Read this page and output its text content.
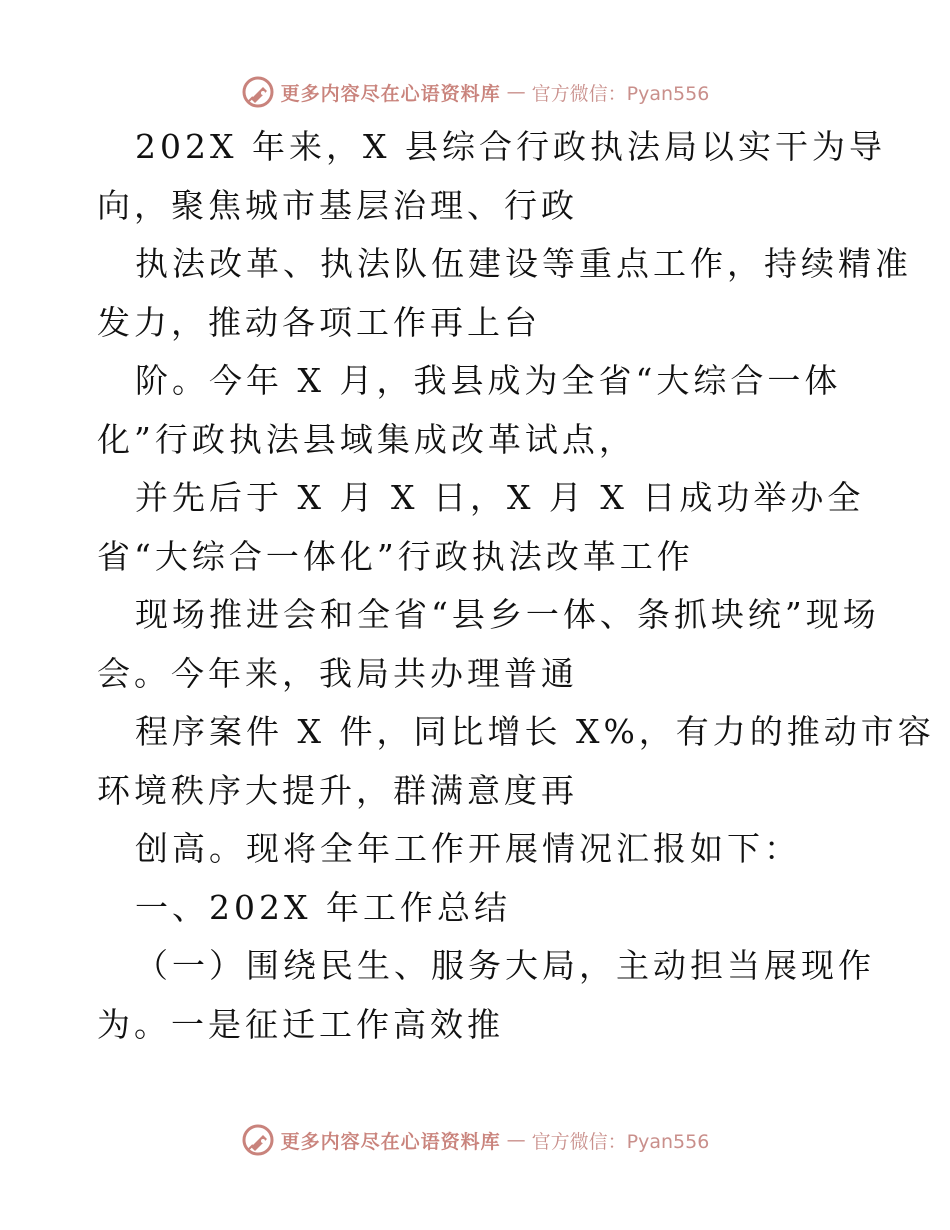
更多内容尽在心语资料库 — 官方微信：Pyan556
202X 年来，X 县综合行政执法局以实干为导
向，聚焦城市基层治理、行政
执法改革、执法队伍建设等重点工作，持续精准
发力，推动各项工作再上台
阶。今年 X 月，我县成为全省“大综合一体
化”行政执法县域集成改革试点，
并先后于 X 月 X 日，X 月 X 日成功举办全
省“大综合一体化”行政执法改革工作
现场推进会和全省“县乡一体、条抓块统”现场
会。今年来，我局共办理普通
程序案件 X 件，同比增长 X%，有力的推动市容
环境秩序大提升，群满意度再
创高。现将全年工作开展情况汇报如下：
一、202X 年工作总结
（一）围绕民生、服务大局，主动担当展现作
为。一是征迁工作高效推
更多内容尽在心语资料库 — 官方微信：Pyan556
